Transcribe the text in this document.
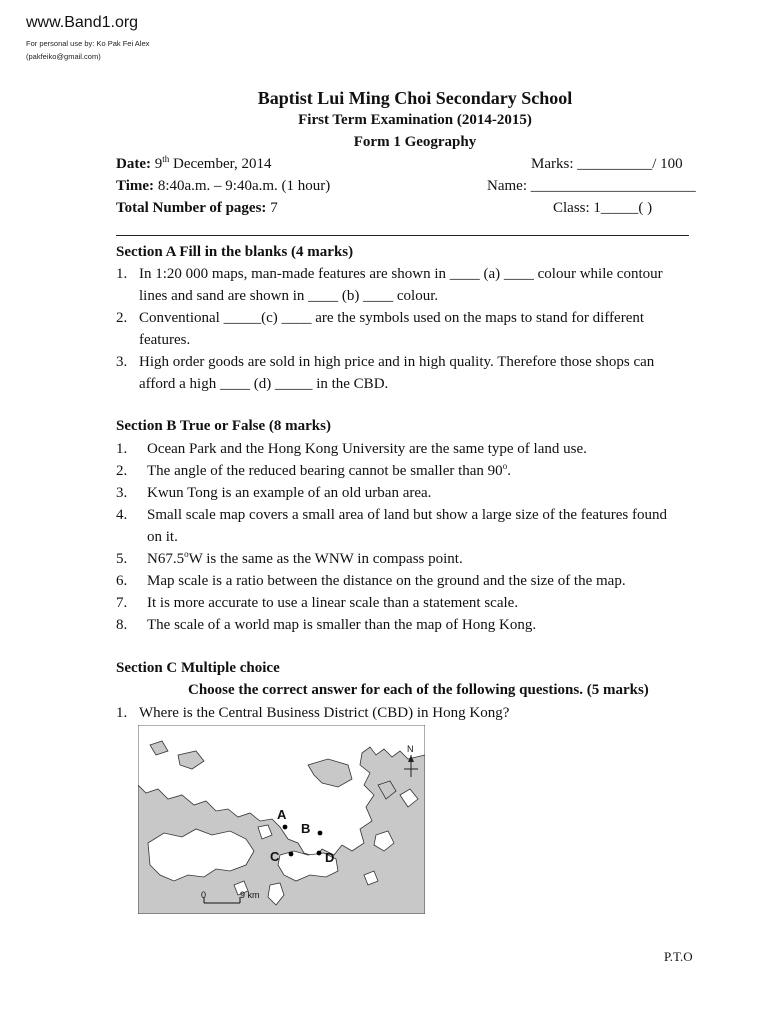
www.Band1.org
For personal use by: Ko Pak Fei Alex
(pakfeiko@gmail.com)
Baptist Lui Ming Choi Secondary School
First Term Examination (2014-2015)
Form 1 Geography
Date: 9th December, 2014	Marks: __________/ 100
Time: 8:40a.m. – 9:40a.m. (1 hour)	Name: ______________________
Total Number of pages: 7	Class: 1_____( )
Section A Fill in the blanks (4 marks)
1. In 1:20 000 maps, man-made features are shown in ____ (a) ____ colour while contour
lines and sand are shown in ____ (b) ____ colour.
2. Conventional _____(c) ____ are the symbols used on the maps to stand for different
features.
3. High order goods are sold in high price and in high quality. Therefore those shops can
afford a high ____ (d) _____ in the CBD.
Section B True or False (8 marks)
1. Ocean Park and the Hong Kong University are the same type of land use.
2. The angle of the reduced bearing cannot be smaller than 90$^o$.
3. Kwun Tong is an example of an old urban area.
4. Small scale map covers a small area of land but show a large size of the features found
on it.
5. N67.5$^o$W is the same as the WNW in compass point.
6. Map scale is a ratio between the distance on the ground and the size of the map.
7. It is more accurate to use a linear scale than a statement scale.
8. The scale of a world map is smaller than the map of Hong Kong.
Section C Multiple choice
Choose the correct answer for each of the following questions. (5 marks)
1. Where is the Central Business District (CBD) in Hong Kong?
N
A
B
C	D
0	9 km
P.T.O
